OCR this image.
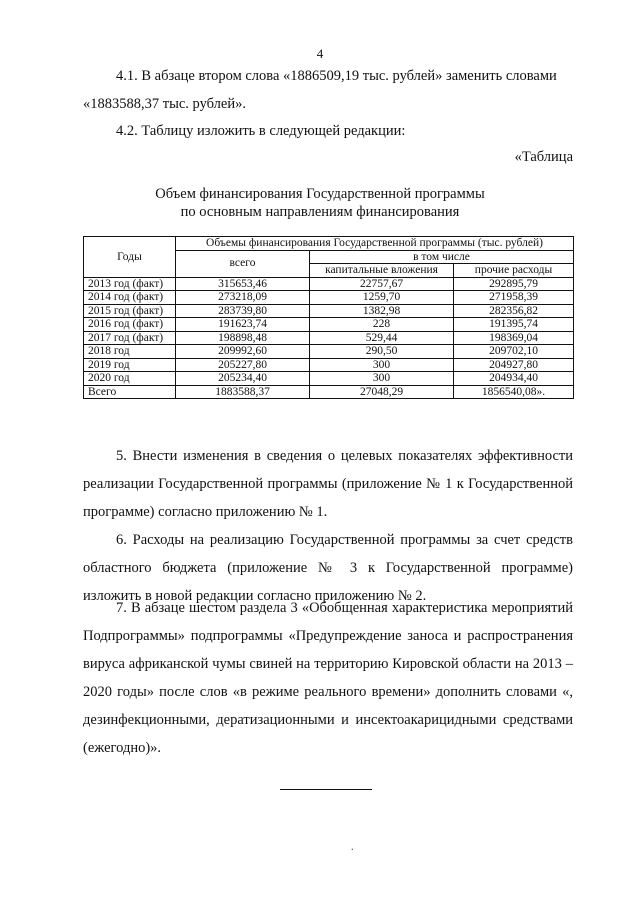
4
4.1. В абзаце втором слова «1886509,19 тыс. рублей» заменить словами
«1883588,37 тыс. рублей».
4.2. Таблицу изложить в следующей редакции:
«Таблица
Объем финансирования Государственной программы
по основным направлениям финансирования
Годы	Объемы финансирования Государственной программы (тыс. рублей)		
	всего	в том числе	
		капитальные вложения	прочие расходы
2013 год (факт)	315653,46	22757,67	292895,79
2014 год (факт)	273218,09	1259,70	271958,39
2015 год (факт)	283739,80	1382,98	282356,82
2016 год (факт)	191623,74	228	191395,74
2017 год (факт)	198898,48	529,44	198369,04
2018 год	209992,60	290,50	209702,10
2019 год	205227,80	300	204927,80
2020 год	205234,40	300	204934,40
Всего	1883588,37	27048,29	1856540,08».
5. Внести изменения в сведения о целевых показателях эффективности реализации Государственной программы (приложение № 1 к Государственной программе) согласно приложению № 1.
6. Расходы на реализацию Государственной программы за счет средств областного бюджета (приложение № 3 к Государственной программе) изложить в новой редакции согласно приложению № 2.
7. В абзаце шестом раздела 3 «Обобщенная характеристика мероприятий Подпрограммы» подпрограммы «Предупреждение заноса и распространения вируса африканской чумы свиней на территорию Кировской области на 2013 – 2020 годы» после слов «в режиме реального времени» дополнить словами «, дезинфекционными, дератизационными и инсектоакарицидными средствами (ежегодно)».
.
